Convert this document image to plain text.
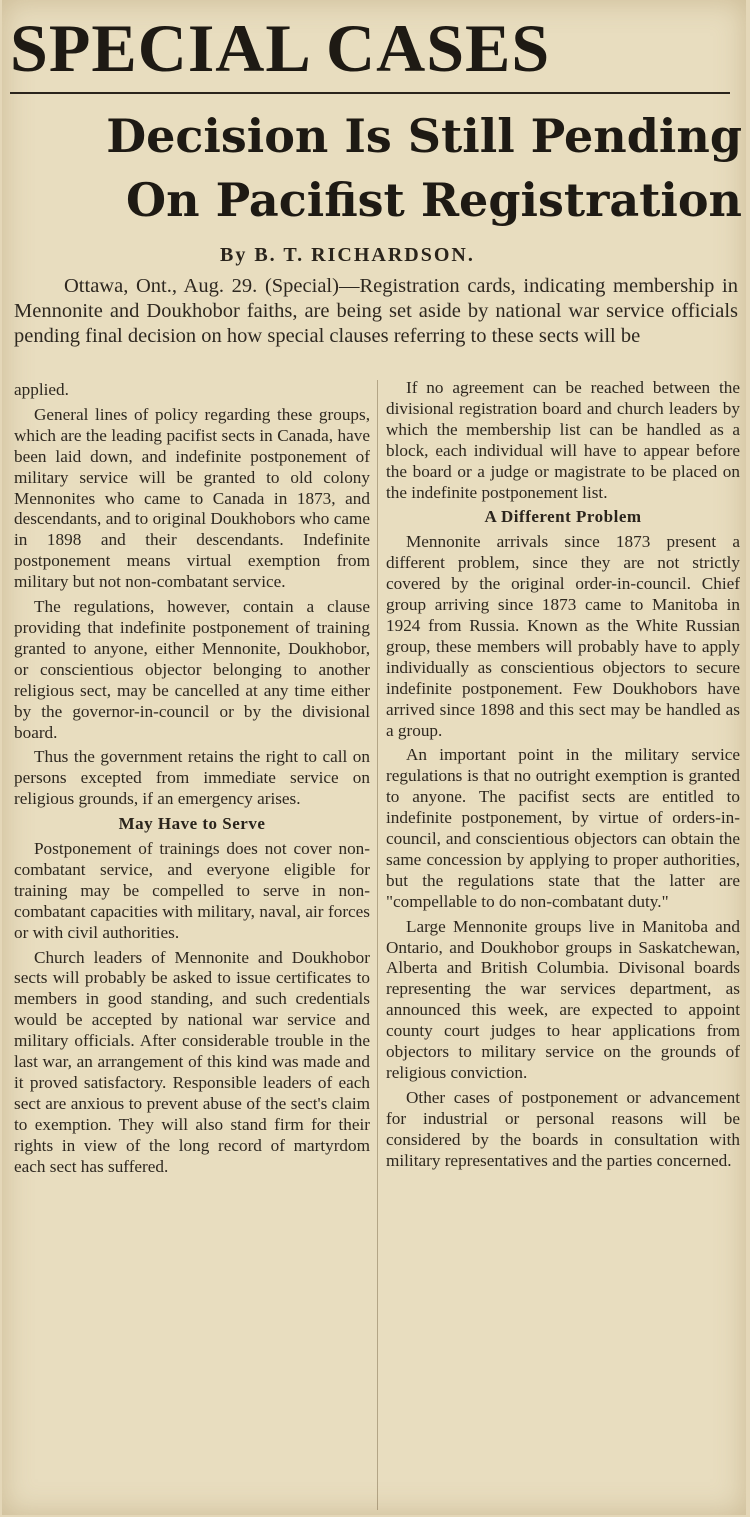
SPECIAL CASES
Decision Is Still Pending
On Pacifist Registration
By B. T. RICHARDSON.

Ottawa, Ont., Aug. 29. (Special)—Registration cards, indicating membership in Mennonite and Doukhobor faiths, are being set aside by national war service officials pending final decision on how special clauses referring to these sects will be

applied.

General lines of policy regarding these groups, which are the leading pacifist sects in Canada, have been laid down, and indefinite postponement of military service will be granted to old colony Mennonites who came to Canada in 1873, and descendants, and to original Doukhobors who came in 1898 and their descendants. Indefinite postponement means virtual exemption from military but not non-combatant service.

The regulations, however, contain a clause providing that indefinite postponement of training granted to anyone, either Mennonite, Doukhobor, or conscientious objector belonging to another religious sect, may be cancelled at any time either by the governor-in-council or by the divisional board.

Thus the government retains the right to call on persons excepted from immediate service on religious grounds, if an emergency arises.

May Have to Serve

Postponement of trainings does not cover non-combatant service, and everyone eligible for training may be compelled to serve in non-combatant capacities with military, naval, air forces or with civil authorities.

Church leaders of Mennonite and Doukhobor sects will probably be asked to issue certificates to members in good standing, and such credentials would be accepted by national war service and military officials. After considerable trouble in the last war, an arrangement of this kind was made and it proved satisfactory. Responsible leaders of each sect are anxious to prevent abuse of the sect's claim to exemption. They will also stand firm for their rights in view of the long record of martyrdom each sect has suffered.

If no agreement can be reached between the divisional registration board and church leaders by which the membership list can be handled as a block, each individual will have to appear before the board or a judge or magistrate to be placed on the indefinite postponement list.

A Different Problem

Mennonite arrivals since 1873 present a different problem, since they are not strictly covered by the original order-in-council. Chief group arriving since 1873 came to Manitoba in 1924 from Russia. Known as the White Russian group, these members will probably have to apply individually as conscientious objectors to secure indefinite postponement. Few Doukhobors have arrived since 1898 and this sect may be handled as a group.

An important point in the military service regulations is that no outright exemption is granted to anyone. The pacifist sects are entitled to indefinite postponement, by virtue of orders-in-council, and conscientious objectors can obtain the same concession by applying to proper authorities, but the regulations state that the latter are "compellable to do non-combatant duty."

Large Mennonite groups live in Manitoba and Ontario, and Doukhobor groups in Saskatchewan, Alberta and British Columbia. Divisonal boards representing the war services department, as announced this week, are expected to appoint county court judges to hear applications from objectors to military service on the grounds of religious conviction.

Other cases of postponement or advancement for industrial or personal reasons will be considered by the boards in consultation with military representatives and the parties concerned.
